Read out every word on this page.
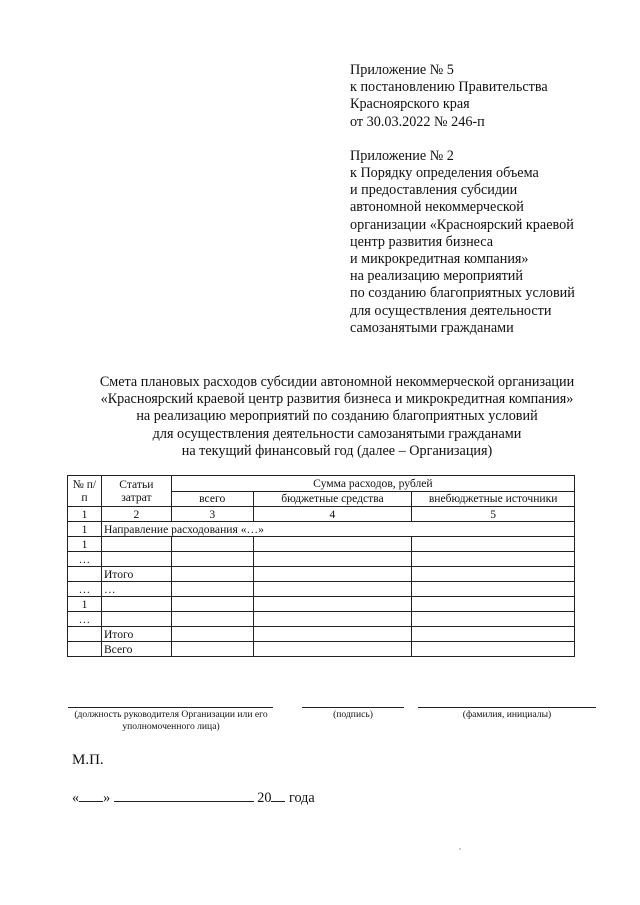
Приложение № 5
к постановлению Правительства
Красноярского края
от 30.03.2022 № 246-п
Приложение № 2
к Порядку определения объема
и предоставления субсидии
автономной некоммерческой
организации «Красноярский краевой
центр развития бизнеса
и микрокредитная компания»
на реализацию мероприятий
по созданию благоприятных условий
для осуществления деятельности
самозанятыми гражданами
Смета плановых расходов субсидии автономной некоммерческой организации
«Красноярский краевой центр развития бизнеса и микрокредитная компания»
на реализацию мероприятий по созданию благоприятных условий
для осуществления деятельности самозанятыми гражданами
на текущий финансовый год (далее – Организация)
№ п/п	Статьи затрат	Сумма расходов, рублей		
		всего	бюджетные средства	внебюджетные источники
1	2	3	4	5
1	Направление расходования «…»			
1				
…				
	Итого			
…	…			
1				
…				
	Итого			
	Всего			
(должность руководителя Организации или его уполномоченного лица)
(подпись)	(фамилия, инициалы)
М.П.
« »	20 года
